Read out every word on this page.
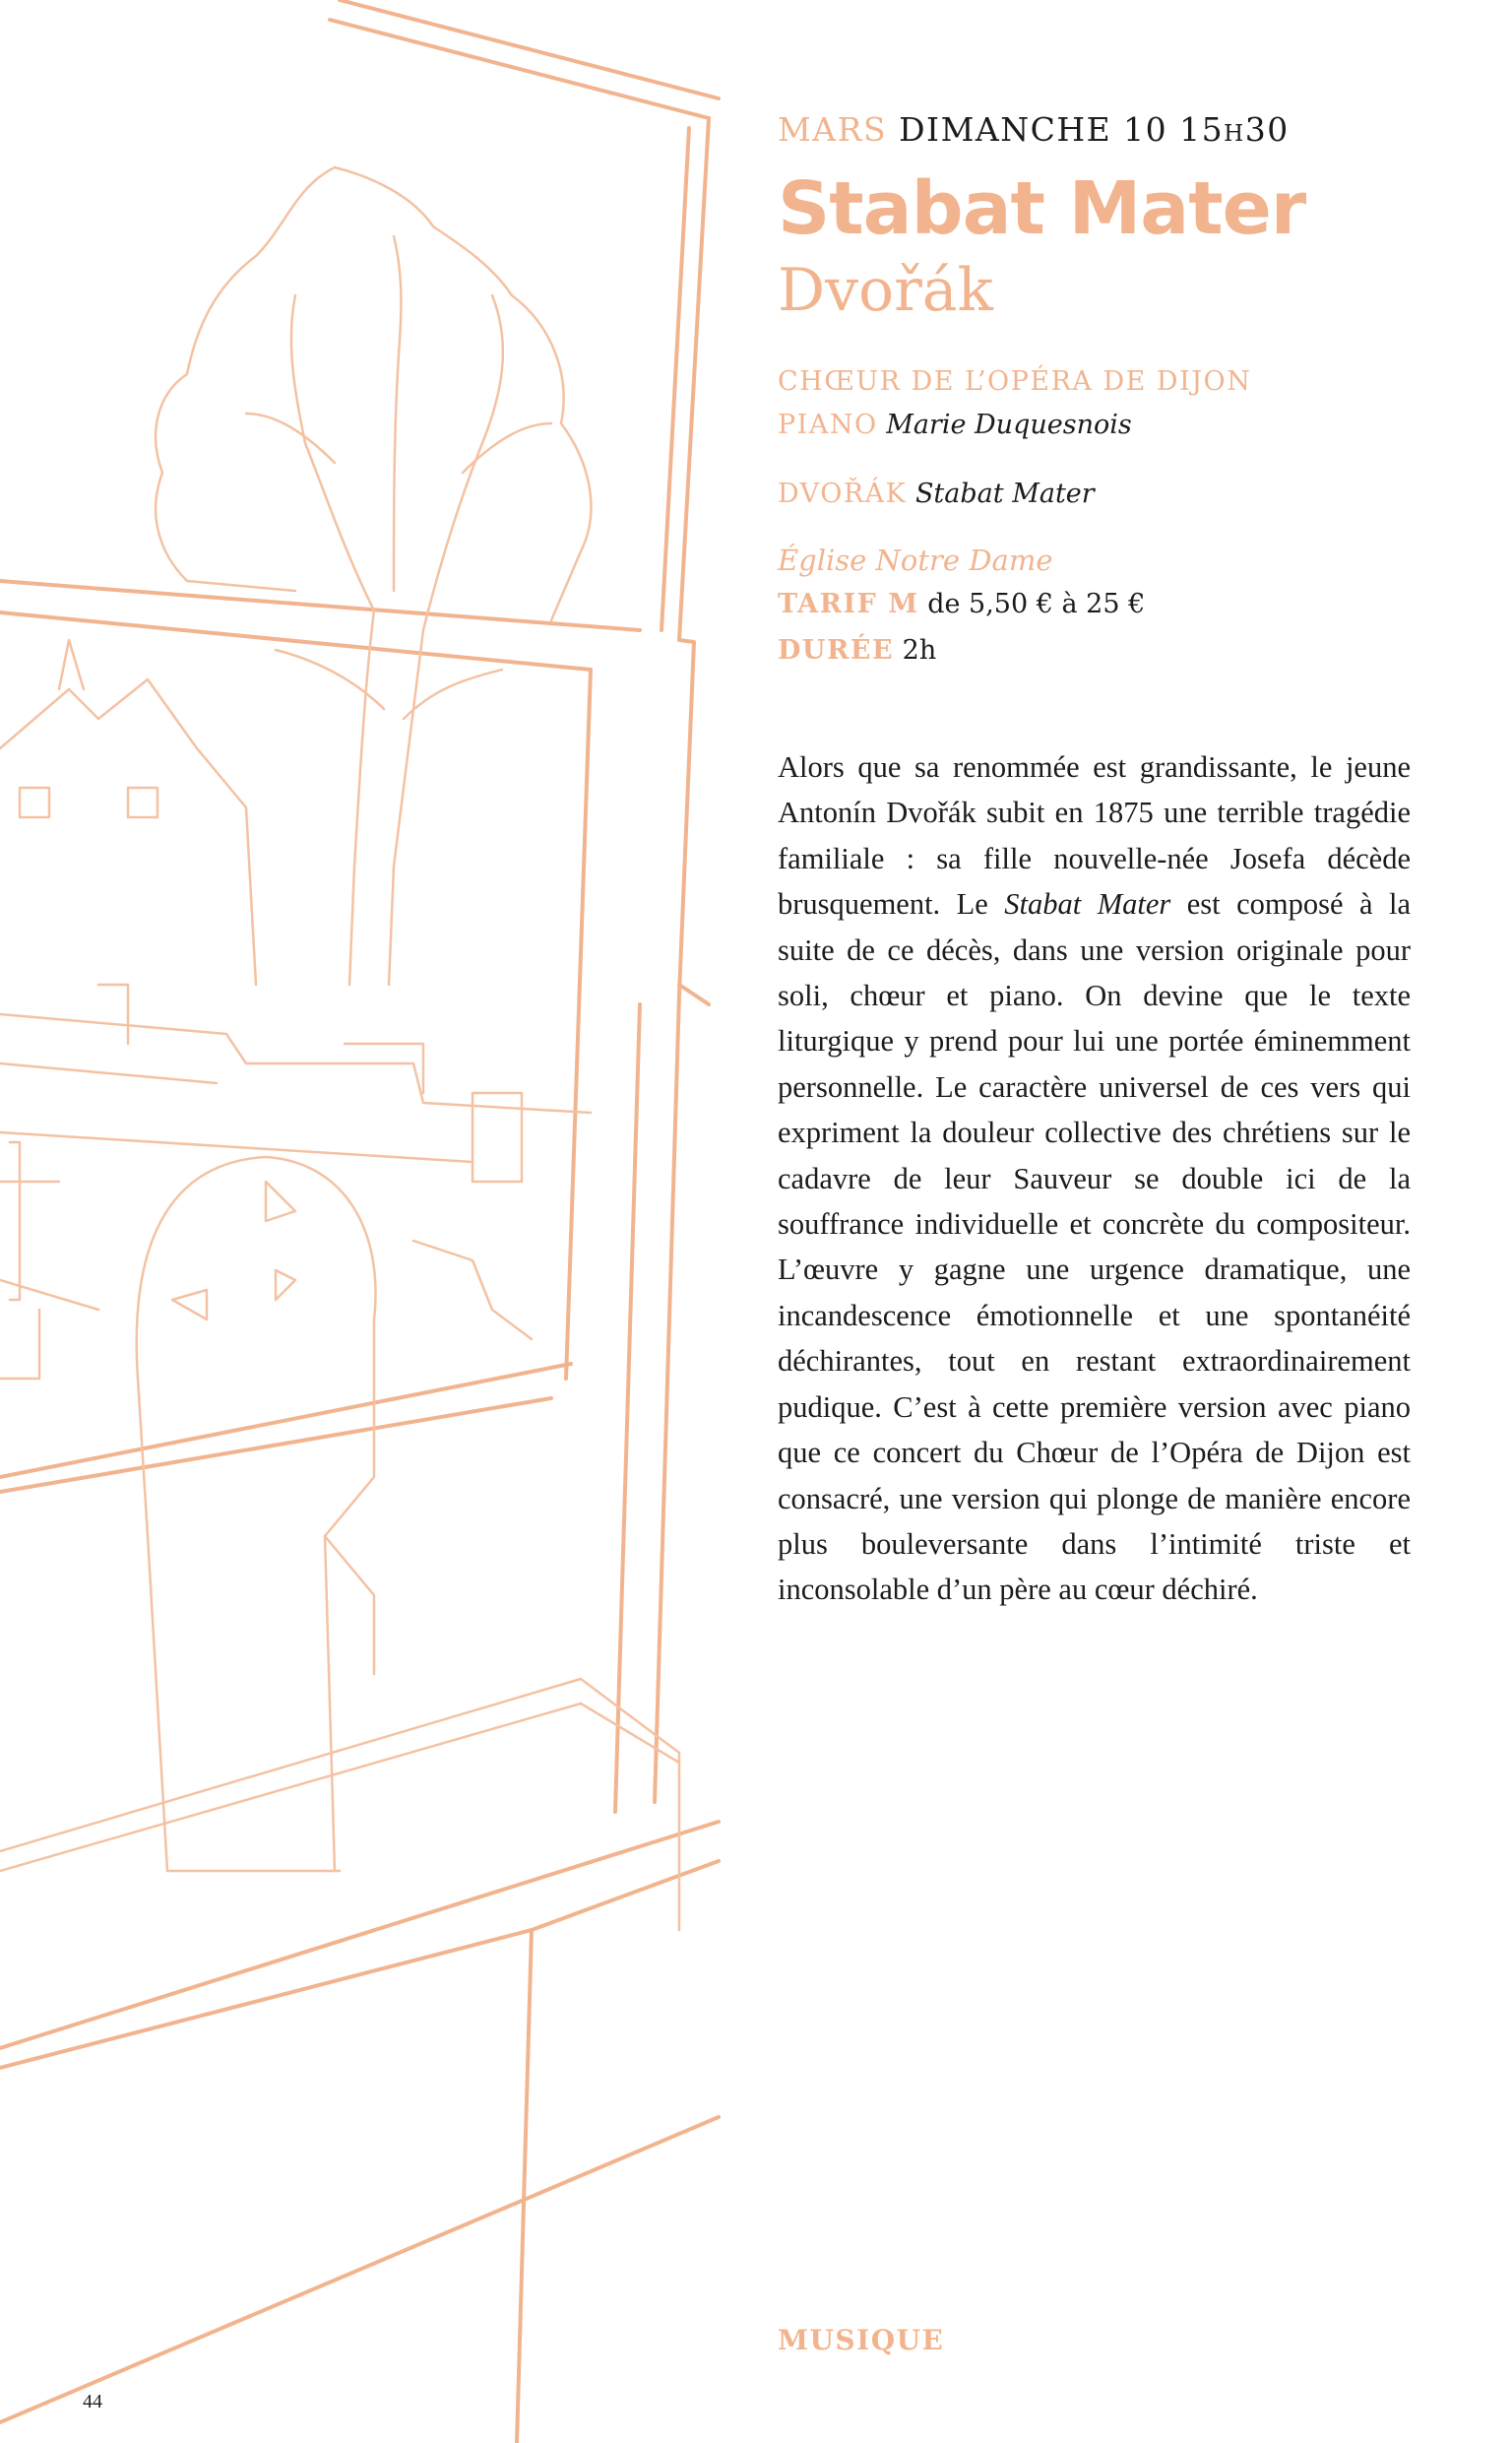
MARS DIMANCHE 10 15h30
Stabat Mater
Dvořák
CHŒUR DE L’OPÉRA DE DIJON
PIANO Marie Duquesnois
DVOŘÁK Stabat Mater
Église Notre Dame
TARIF M de 5,50 € à 25 €
DURÉE 2h
Alors que sa renommée est grandissante, le jeune Antonín Dvořák subit en 1875 une terrible tragédie familiale : sa fille nouvelle-née Josefa décède brusquement. Le Stabat Mater est composé à la suite de ce décès, dans une version originale pour soli, chœur et piano. On devine que le texte liturgique y prend pour lui une portée éminemment personnelle. Le caractère universel de ces vers qui expriment la douleur collective des chrétiens sur le cadavre de leur Sauveur se double ici de la souffrance individuelle et concrète du compositeur. L’œuvre y gagne une urgence dramatique, une incandescence émotionnelle et une spontanéité déchirantes, tout en restant extraordinairement pudique. C’est à cette première version avec piano que ce concert du Chœur de l’Opéra de Dijon est consacré, une version qui plonge de manière encore plus bouleversante dans l’intimité triste et inconsolable d’un père au cœur déchiré.
MUSIQUE
44
